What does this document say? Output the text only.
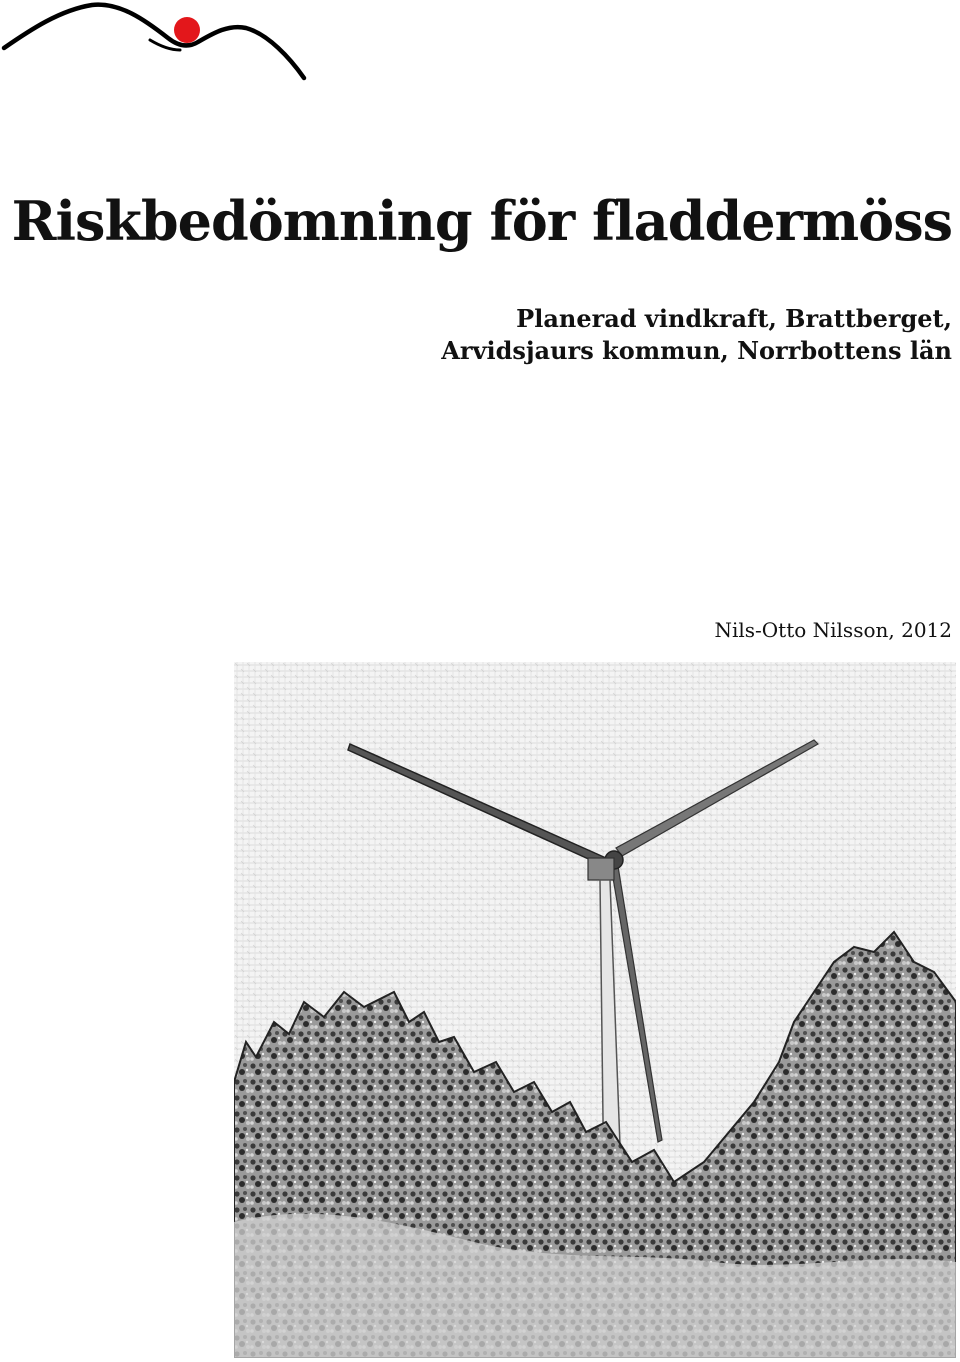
Riskbedömning för fladdermöss
Planerad vindkraft, Brattberget,
Arvidsjaurs kommun, Norrbottens län

Nils-Otto Nilsson, 2012
